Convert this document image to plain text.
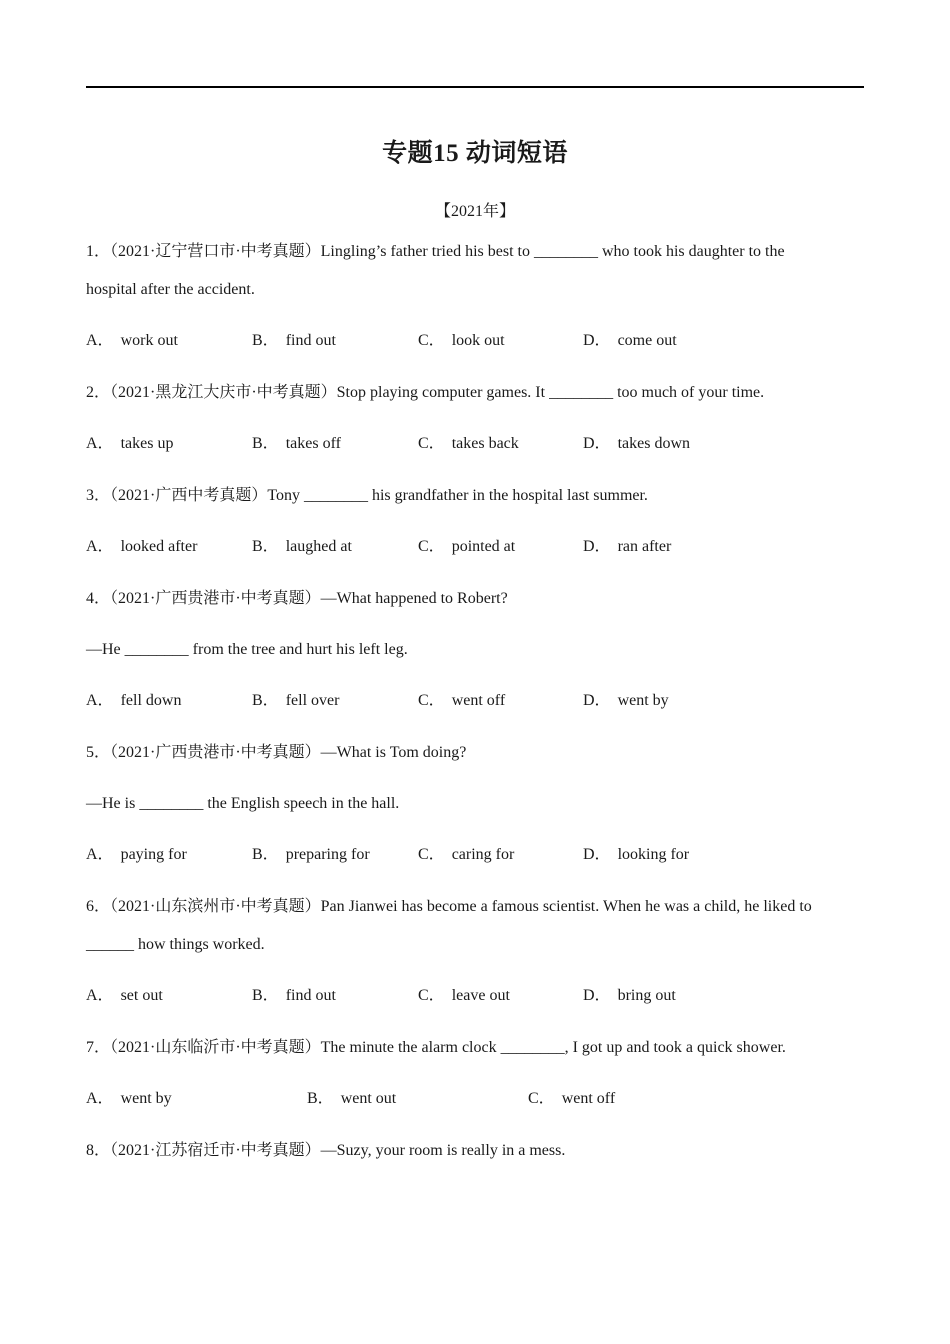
专题15 动词短语
【2021年】
1．（2021·辽宁营口市·中考真题）Lingling’s father tried his best to ________ who took his daughter to the
hospital after the accident.
A． work out	B． find out	C． look out	D． come out
2．（2021·黑龙江大庆市·中考真题）Stop playing computer games. It ________ too much of your time.
A． takes up	B． takes off	C． takes back	D． takes down
3．（2021·广西中考真题）Tony ________ his grandfather in the hospital last summer.
A． looked after	B． laughed at	C． pointed at	D． ran after
4．（2021·广西贵港市·中考真题）—What happened to Robert?
—He ________ from the tree and hurt his left leg.
A． fell down	B． fell over	C． went off	D． went by
5．（2021·广西贵港市·中考真题）—What is Tom doing?
—He is ________ the English speech in the hall.
A． paying for	B． preparing for	C． caring for	D． looking for
6．（2021·山东滨州市·中考真题）Pan Jianwei has become a famous scientist. When he was a child, he liked to
______ how things worked.
A． set out	B． find out	C． leave out	D． bring out
7．（2021·山东临沂市·中考真题）The minute the alarm clock ________, I got up and took a quick shower.
A． went by	B． went out	C． went off
8．（2021·江苏宿迁市·中考真题）—Suzy, your room is really in a mess.
